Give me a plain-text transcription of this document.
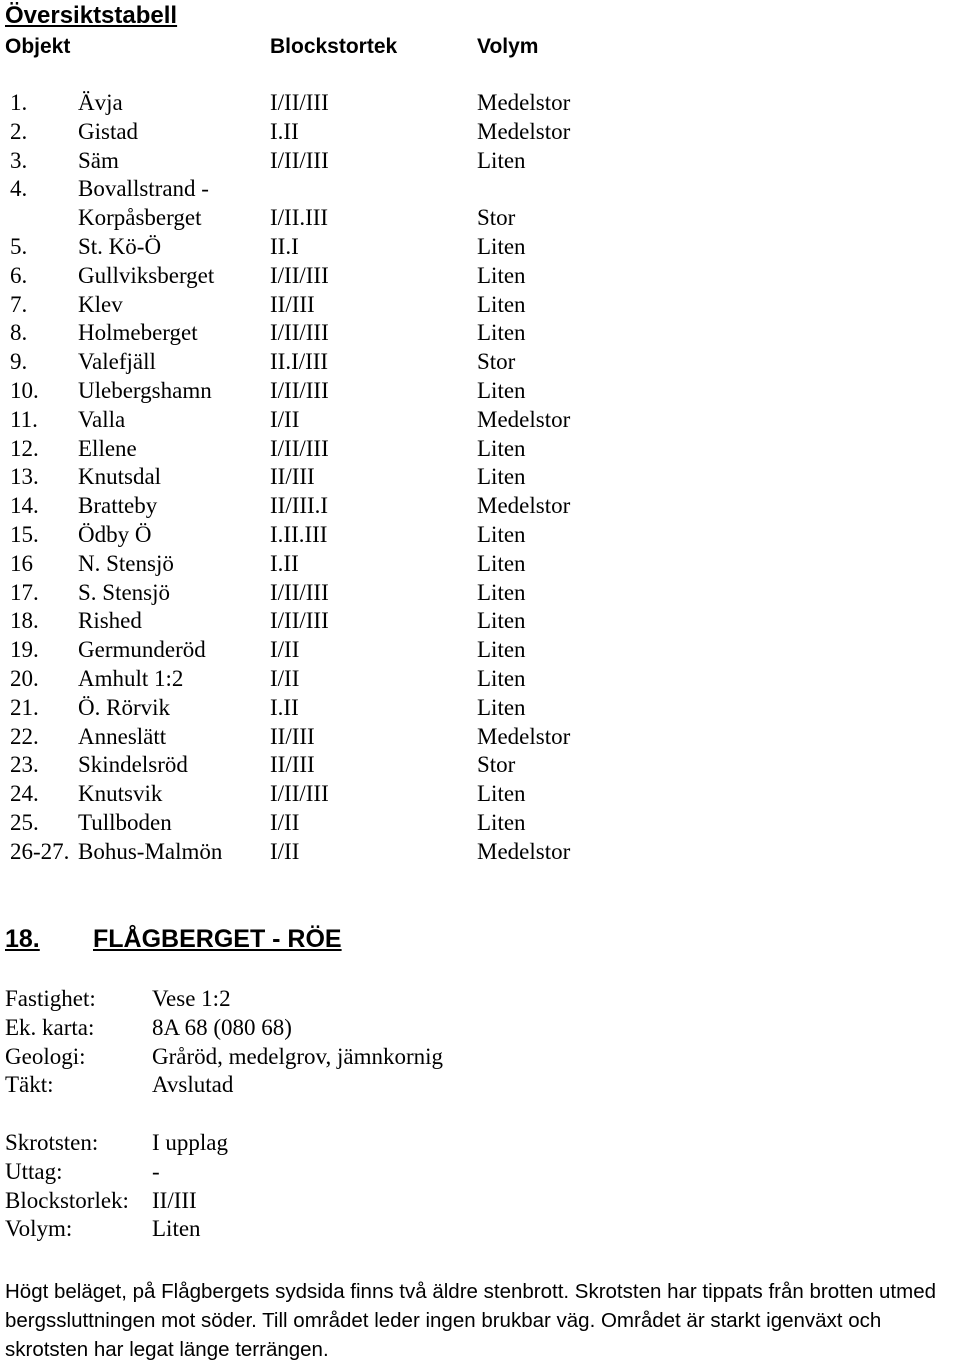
Översiktstabell
Objekt	Blockstortek	Volym
1. Ävja	I/II/III	Medelstor
2. Gistad	I.II	Medelstor
3. Säm	I/II/III	Liten
4. Bovallstrand -
Korpåsberget	I/II.III	Stor
5. St. Kö-Ö	II.I	Liten
6. Gullviksberget I/II/III	Liten
7. Klev	II/III	Liten
8. Holmeberget	I/II/III	Liten
9. Valefjäll	II.I/III	Stor
10. Ulebergshamn	I/II/III	Liten
11. Valla	I/II	Medelstor
12. Ellene	I/II/III	Liten
13. Knutsdal	II/III	Liten
14. Bratteby	II/III.I	Medelstor
15. Ödby Ö	I.II.III	Liten
16 N. Stensjö	I.II	Liten
17. S. Stensjö	I/II/III	Liten
18. Rished	I/II/III	Liten
19. Germunderöd	I/II	Liten
20. Amhult 1:2	I/II	Liten
21. Ö. Rörvik	I.II	Liten
22. Anneslätt	II/III	Medelstor
23. Skindelsröd	II/III	Stor
24. Knutsvik	I/II/III	Liten
25. Tullboden	I/II	Liten
26-27. Bohus-Malmön I/II	Medelstor
18. FLÅGBERGET - RÖE
Fastighet: Vese 1:2
Ek. karta:	8A 68 (080 68)
Geologi:	Gråröd, medelgrov, jämnkornig
Täkt:	Avslutad
Skrotsten: I upplag
Uttag:	-
Blockstorlek: II/III
Volym:	Liten
Högt beläget, på Flågbergets sydsida finns två äldre stenbrott. Skrotsten har tippats från brotten utmed bergssluttningen mot söder. Till området leder ingen brukbar väg. Området är starkt igenväxt och skrotsten har legat länge terrängen.
